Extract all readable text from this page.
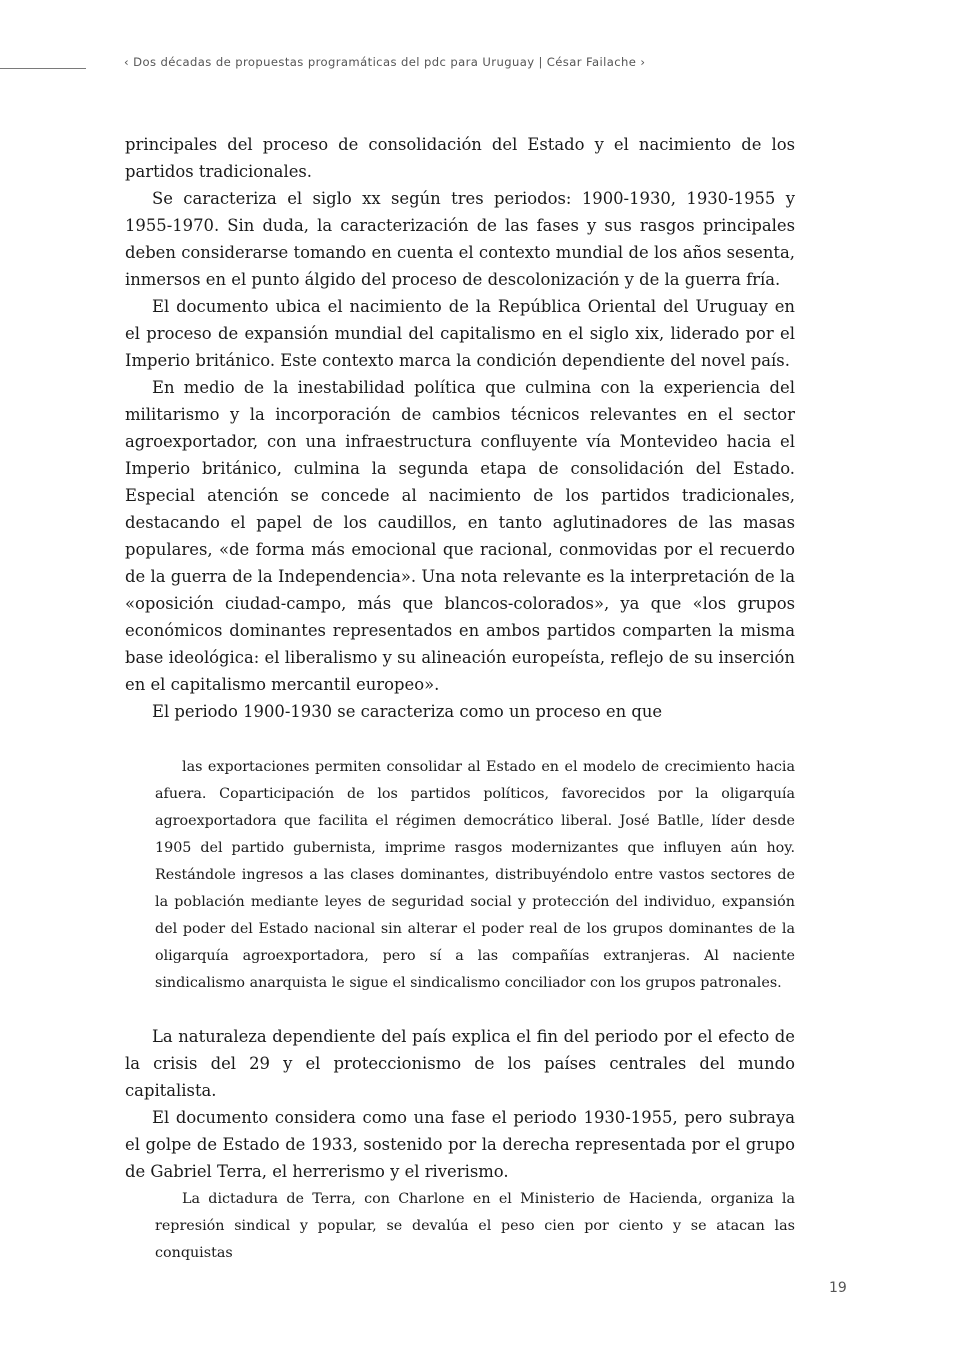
‹ Dos décadas de propuestas programáticas del pdc para Uruguay | César Failache ›

principales del proceso de consolidación del Estado y el nacimiento de los partidos tradicionales.

Se caracteriza el siglo xx según tres periodos: 1900-1930, 1930-1955 y 1955-1970. Sin duda, la caracterización de las fases y sus rasgos principales deben considerarse tomando en cuenta el contexto mundial de los años sesenta, inmersos en el punto álgido del proceso de descolonización y de la guerra fría.

El documento ubica el nacimiento de la República Oriental del Uruguay en el proceso de expansión mundial del capitalismo en el siglo xix, liderado por el Imperio británico. Este contexto marca la condición dependiente del novel país.

En medio de la inestabilidad política que culmina con la experiencia del militarismo y la incorporación de cambios técnicos relevantes en el sector agroexportador, con una infraestructura confluyente vía Montevideo hacia el Imperio británico, culmina la segunda etapa de consolidación del Estado. Especial atención se concede al nacimiento de los partidos tradicionales, destacando el papel de los caudillos, en tanto aglutinadores de las masas populares, «de forma más emocional que racional, conmovidas por el recuerdo de la guerra de la Independencia». Una nota relevante es la interpretación de la «oposición ciudad-campo, más que blancos-colorados», ya que «los grupos económicos dominantes representados en ambos partidos comparten la misma base ideológica: el liberalismo y su alineación europeísta, reflejo de su inserción en el capitalismo mercantil europeo».

El periodo 1900-1930 se caracteriza como un proceso en que

las exportaciones permiten consolidar al Estado en el modelo de crecimiento hacia afuera. Coparticipación de los partidos políticos, favorecidos por la oligarquía agroexportadora que facilita el régimen democrático liberal. José Batlle, líder desde 1905 del partido gubernista, imprime rasgos modernizantes que influyen aún hoy. Restándole ingresos a las clases dominantes, distribuyéndolo entre vastos sectores de la población mediante leyes de seguridad social y protección del individuo, expansión del poder del Estado nacional sin alterar el poder real de los grupos dominantes de la oligarquía agroexportadora, pero sí a las compañías extranjeras. Al naciente sindicalismo anarquista le sigue el sindicalismo conciliador con los grupos patronales.

La naturaleza dependiente del país explica el fin del periodo por el efecto de la crisis del 29 y el proteccionismo de los países centrales del mundo capitalista.

El documento considera como una fase el periodo 1930-1955, pero subraya el golpe de Estado de 1933, sostenido por la derecha representada por el grupo de Gabriel Terra, el herrerismo y el riverismo.

La dictadura de Terra, con Charlone en el Ministerio de Hacienda, organiza la represión sindical y popular, se devalúa el peso cien por ciento y se atacan las conquistas

19
